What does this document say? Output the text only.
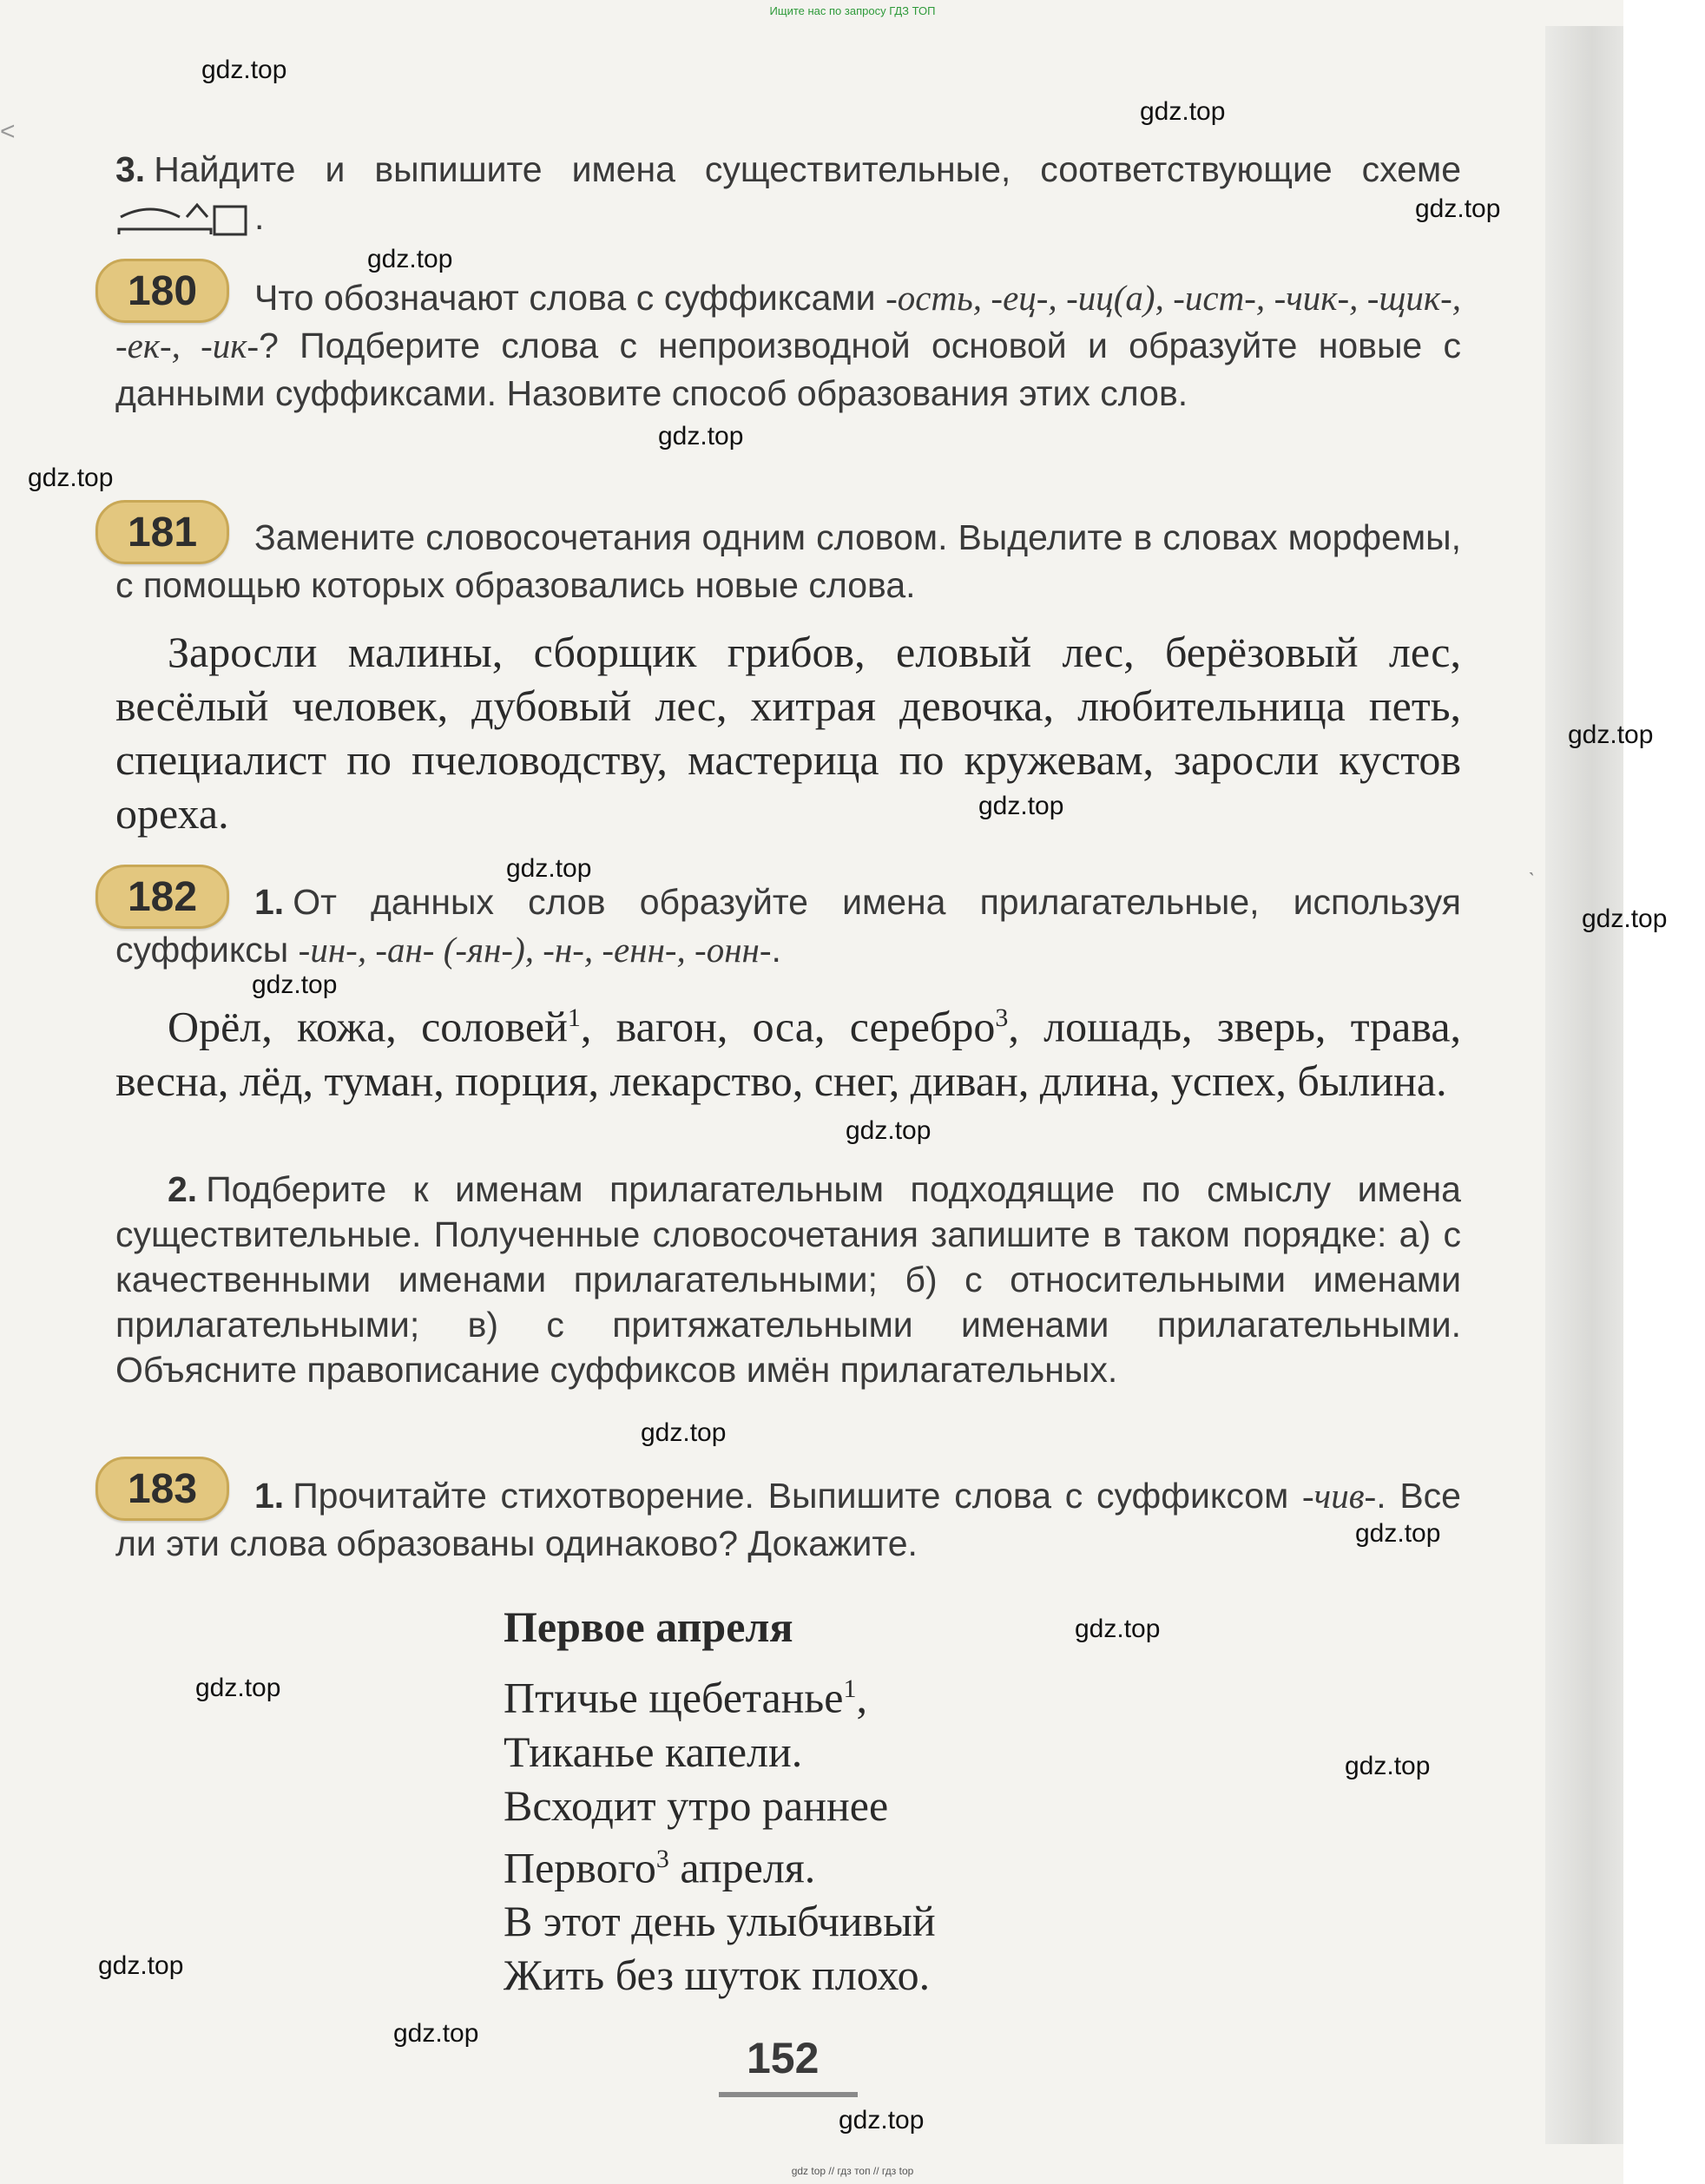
Ищите нас по запросу ГДЗ ТОП
˂
ˋ
3. Найдите и выпишите имена существительные, соответствующие схеме .
180	Что обозначают слова с суффиксами -ость, -ец-, -иц(а), -ист-, -чик-, -щик-, -ек-, -ик-? Подберите слова с непроизводной основой и образуйте новые с данными суффиксами. Назовите способ образования этих слов.
181	Замените словосочетания одним словом. Выделите в словах морфемы, с помощью которых образовались новые слова.
Заросли малины, сборщик грибов, еловый лес, берёзовый лес, весёлый человек, дубовый лес, хитрая девочка, любительница петь, специалист по пчеловодству, мастерица по кружевам, заросли кустов ореха.
182	1. От данных слов образуйте имена прилагательные, используя суффиксы -ин-, -ан- (-ян-), -н-, -енн-, -онн-.
Орёл, кожа, соловей$^1$, вагон, оса, серебро$^3$, лошадь, зверь, трава, весна, лёд, туман, порция, лекарство, снег, диван, длина, успех, былина.
2. Подберите к именам прилагательным подходящие по смыслу имена существительные. Полученные словосочетания запишите в таком порядке: а) с качественными именами прилагательными; б) с относительными именами прилагательными; в) с притяжательными именами прилагательными. Объясните правописание суффиксов имён прилагательных.
183	1. Прочитайте стихотворение. Выпишите слова с суффиксом -чив-. Все ли эти слова образованы одинаково? Докажите.
Первое апреля
Птичье щебетанье$^1$,
Тиканье капели.
Всходит утро раннее
Первого$^3$ апреля.
В этот день улыбчивый
Жить без шуток плохо.
152
gdz.top
gdz.top
gdz.top
gdz.top
gdz.top
gdz.top
gdz.top
gdz.top
gdz.top
gdz.top
gdz.top
gdz.top
gdz.top
gdz.top
gdz.top
gdz.top
gdz.top
gdz.top
gdz.top
gdz.top
gdz top // гдз топ // гдз top
